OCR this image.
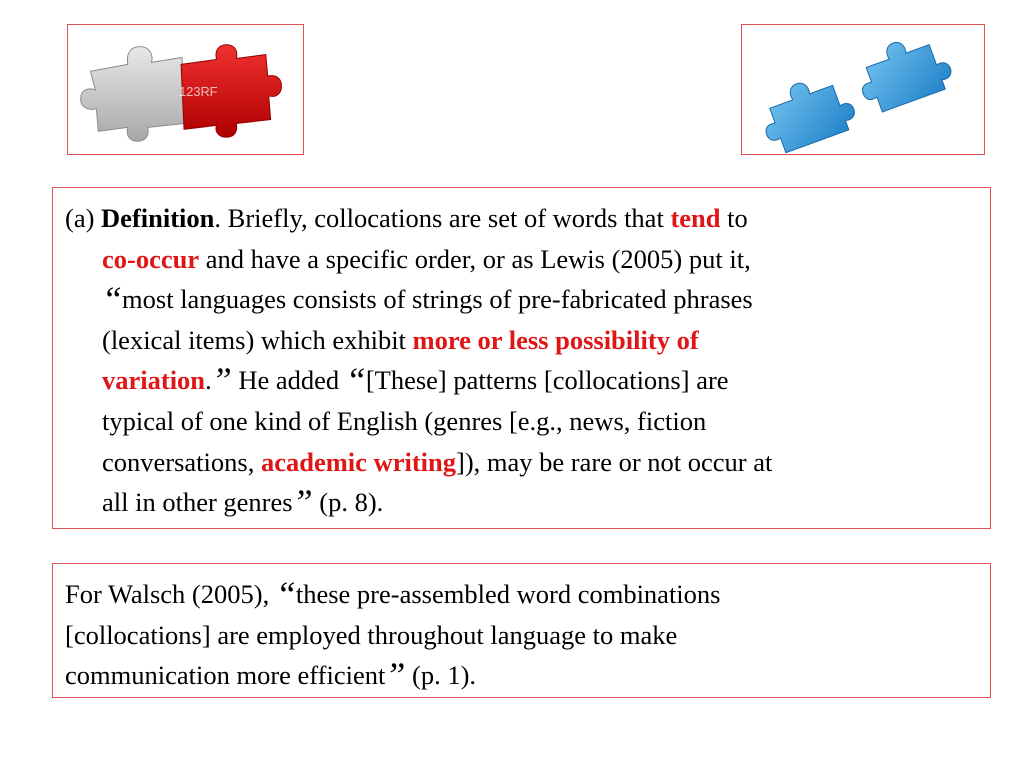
123RF

(a) Definition. Briefly, collocations are set of words that tend to
co-occur and have a specific order, or as Lewis (2005) put it,
“most languages consists of strings of pre-fabricated phrases
(lexical items) which exhibit more or less possibility of
variation.” He added “[These] patterns [collocations] are
typical of one kind of English (genres [e.g., news, fiction
conversations, academic writing]), may be rare or not occur at
all in other genres” (p. 8).

For Walsch (2005), “these pre-assembled word combinations
[collocations] are employed throughout language to make
communication more efficient” (p. 1).
